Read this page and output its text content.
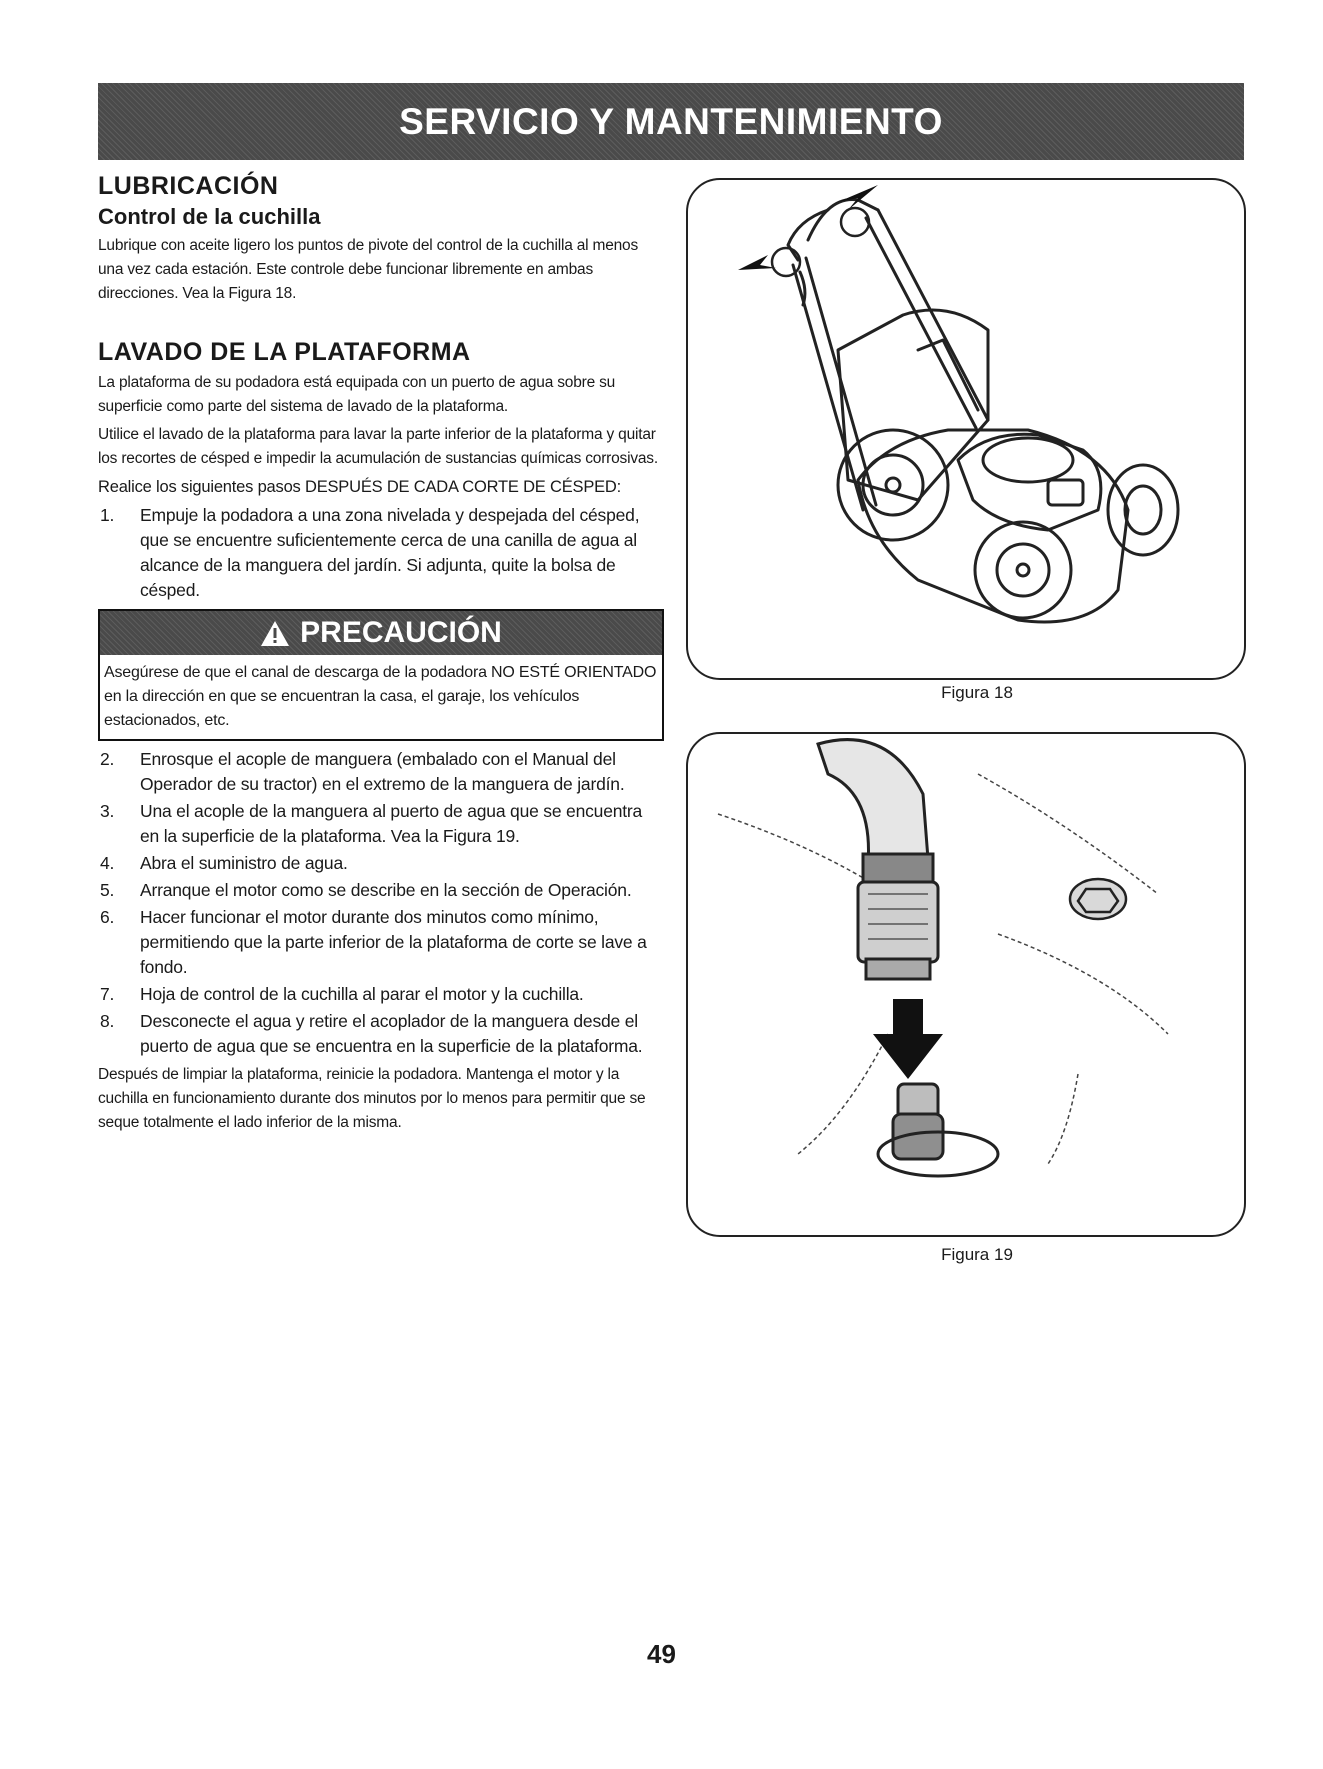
SERVICIO Y MANTENIMIENTO
LUBRICACIÓN
Control de la cuchilla

Lubrique con aceite ligero los puntos de pivote del control de la cuchilla al menos una vez cada estación. Este controle debe funcionar libremente en ambas direcciones. Vea la Figura 18.

LAVADO DE LA PLATAFORMA

La plataforma de su podadora está equipada con un puerto de agua sobre su superficie como parte del sistema de lavado de la plataforma.

Utilice el lavado de la plataforma para lavar la parte inferior de la plataforma y quitar los recortes de césped e impedir la acumulación de sustancias químicas corrosivas.

Realice los siguientes pasos DESPUÉS DE CADA CORTE DE CÉSPED:

1. Empuje la podadora a una zona nivelada y despejada del césped, que se encuentre suficientemente cerca de una canilla de agua al alcance de la manguera del jardín. Si adjunta, quite la bolsa de césped.
PRECAUCIÓN
Asegúrese de que el canal de descarga de la podadora NO ESTÉ ORIENTADO en la dirección en que se encuentran la casa, el garaje, los vehículos estacionados, etc.
2. Enrosque el acople de manguera (embalado con el Manual del Operador de su tractor) en el extremo de la manguera de jardín.
3. Una el acople de la manguera al puerto de agua que se encuentra en la superficie de la plataforma. Vea la Figura 19.
4. Abra el suministro de agua.
5. Arranque el motor como se describe en la sección de Operación.
6. Hacer funcionar el motor durante dos minutos como mínimo, permitiendo que la parte inferior de la plataforma de corte se lave a fondo.
7. Hoja de control de la cuchilla al parar el motor y la cuchilla.
8. Desconecte el agua y retire el acoplador de la manguera desde el puerto de agua que se encuentra en la superficie de la plataforma.

Después de limpiar la plataforma, reinicie la podadora. Mantenga el motor y la cuchilla en funcionamiento durante dos minutos por lo menos para permitir que se seque totalmente el lado inferior de la misma.

Figura 18
Figura 19
49
